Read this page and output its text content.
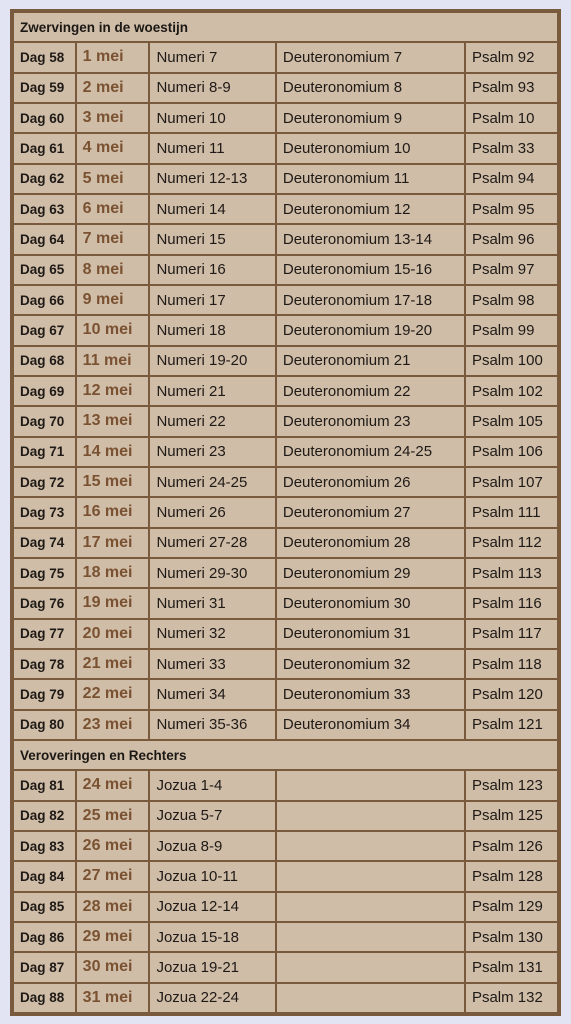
Zwervingen in de woestijn				
Dag 58	1 mei	Numeri 7	Deuteronomium 7	Psalm 92
Dag 59	2 mei	Numeri 8-9	Deuteronomium 8	Psalm 93
Dag 60	3 mei	Numeri 10	Deuteronomium 9	Psalm 10
Dag 61	4 mei	Numeri 11	Deuteronomium 10	Psalm 33
Dag 62	5 mei	Numeri 12-13	Deuteronomium 11	Psalm 94
Dag 63	6 mei	Numeri 14	Deuteronomium 12	Psalm 95
Dag 64	7 mei	Numeri 15	Deuteronomium 13-14	Psalm 96
Dag 65	8 mei	Numeri 16	Deuteronomium 15-16	Psalm 97
Dag 66	9 mei	Numeri 17	Deuteronomium 17-18	Psalm 98
Dag 67	10 mei	Numeri 18	Deuteronomium 19-20	Psalm 99
Dag 68	11 mei	Numeri 19-20	Deuteronomium 21	Psalm 100
Dag 69	12 mei	Numeri 21	Deuteronomium 22	Psalm 102
Dag 70	13 mei	Numeri 22	Deuteronomium 23	Psalm 105
Dag 71	14 mei	Numeri 23	Deuteronomium 24-25	Psalm 106
Dag 72	15 mei	Numeri 24-25	Deuteronomium 26	Psalm 107
Dag 73	16 mei	Numeri 26	Deuteronomium 27	Psalm 111
Dag 74	17 mei	Numeri 27-28	Deuteronomium 28	Psalm 112
Dag 75	18 mei	Numeri 29-30	Deuteronomium 29	Psalm 113
Dag 76	19 mei	Numeri 31	Deuteronomium 30	Psalm 116
Dag 77	20 mei	Numeri 32	Deuteronomium 31	Psalm 117
Dag 78	21 mei	Numeri 33	Deuteronomium 32	Psalm 118
Dag 79	22 mei	Numeri 34	Deuteronomium 33	Psalm 120
Dag 80	23 mei	Numeri 35-36	Deuteronomium 34	Psalm 121
Veroveringen en Rechters				
Dag 81	24 mei	Jozua 1-4		Psalm 123
Dag 82	25 mei	Jozua 5-7		Psalm 125
Dag 83	26 mei	Jozua 8-9		Psalm 126
Dag 84	27 mei	Jozua 10-11		Psalm 128
Dag 85	28 mei	Jozua 12-14		Psalm 129
Dag 86	29 mei	Jozua 15-18		Psalm 130
Dag 87	30 mei	Jozua 19-21		Psalm 131
Dag 88	31 mei	Jozua 22-24		Psalm 132
